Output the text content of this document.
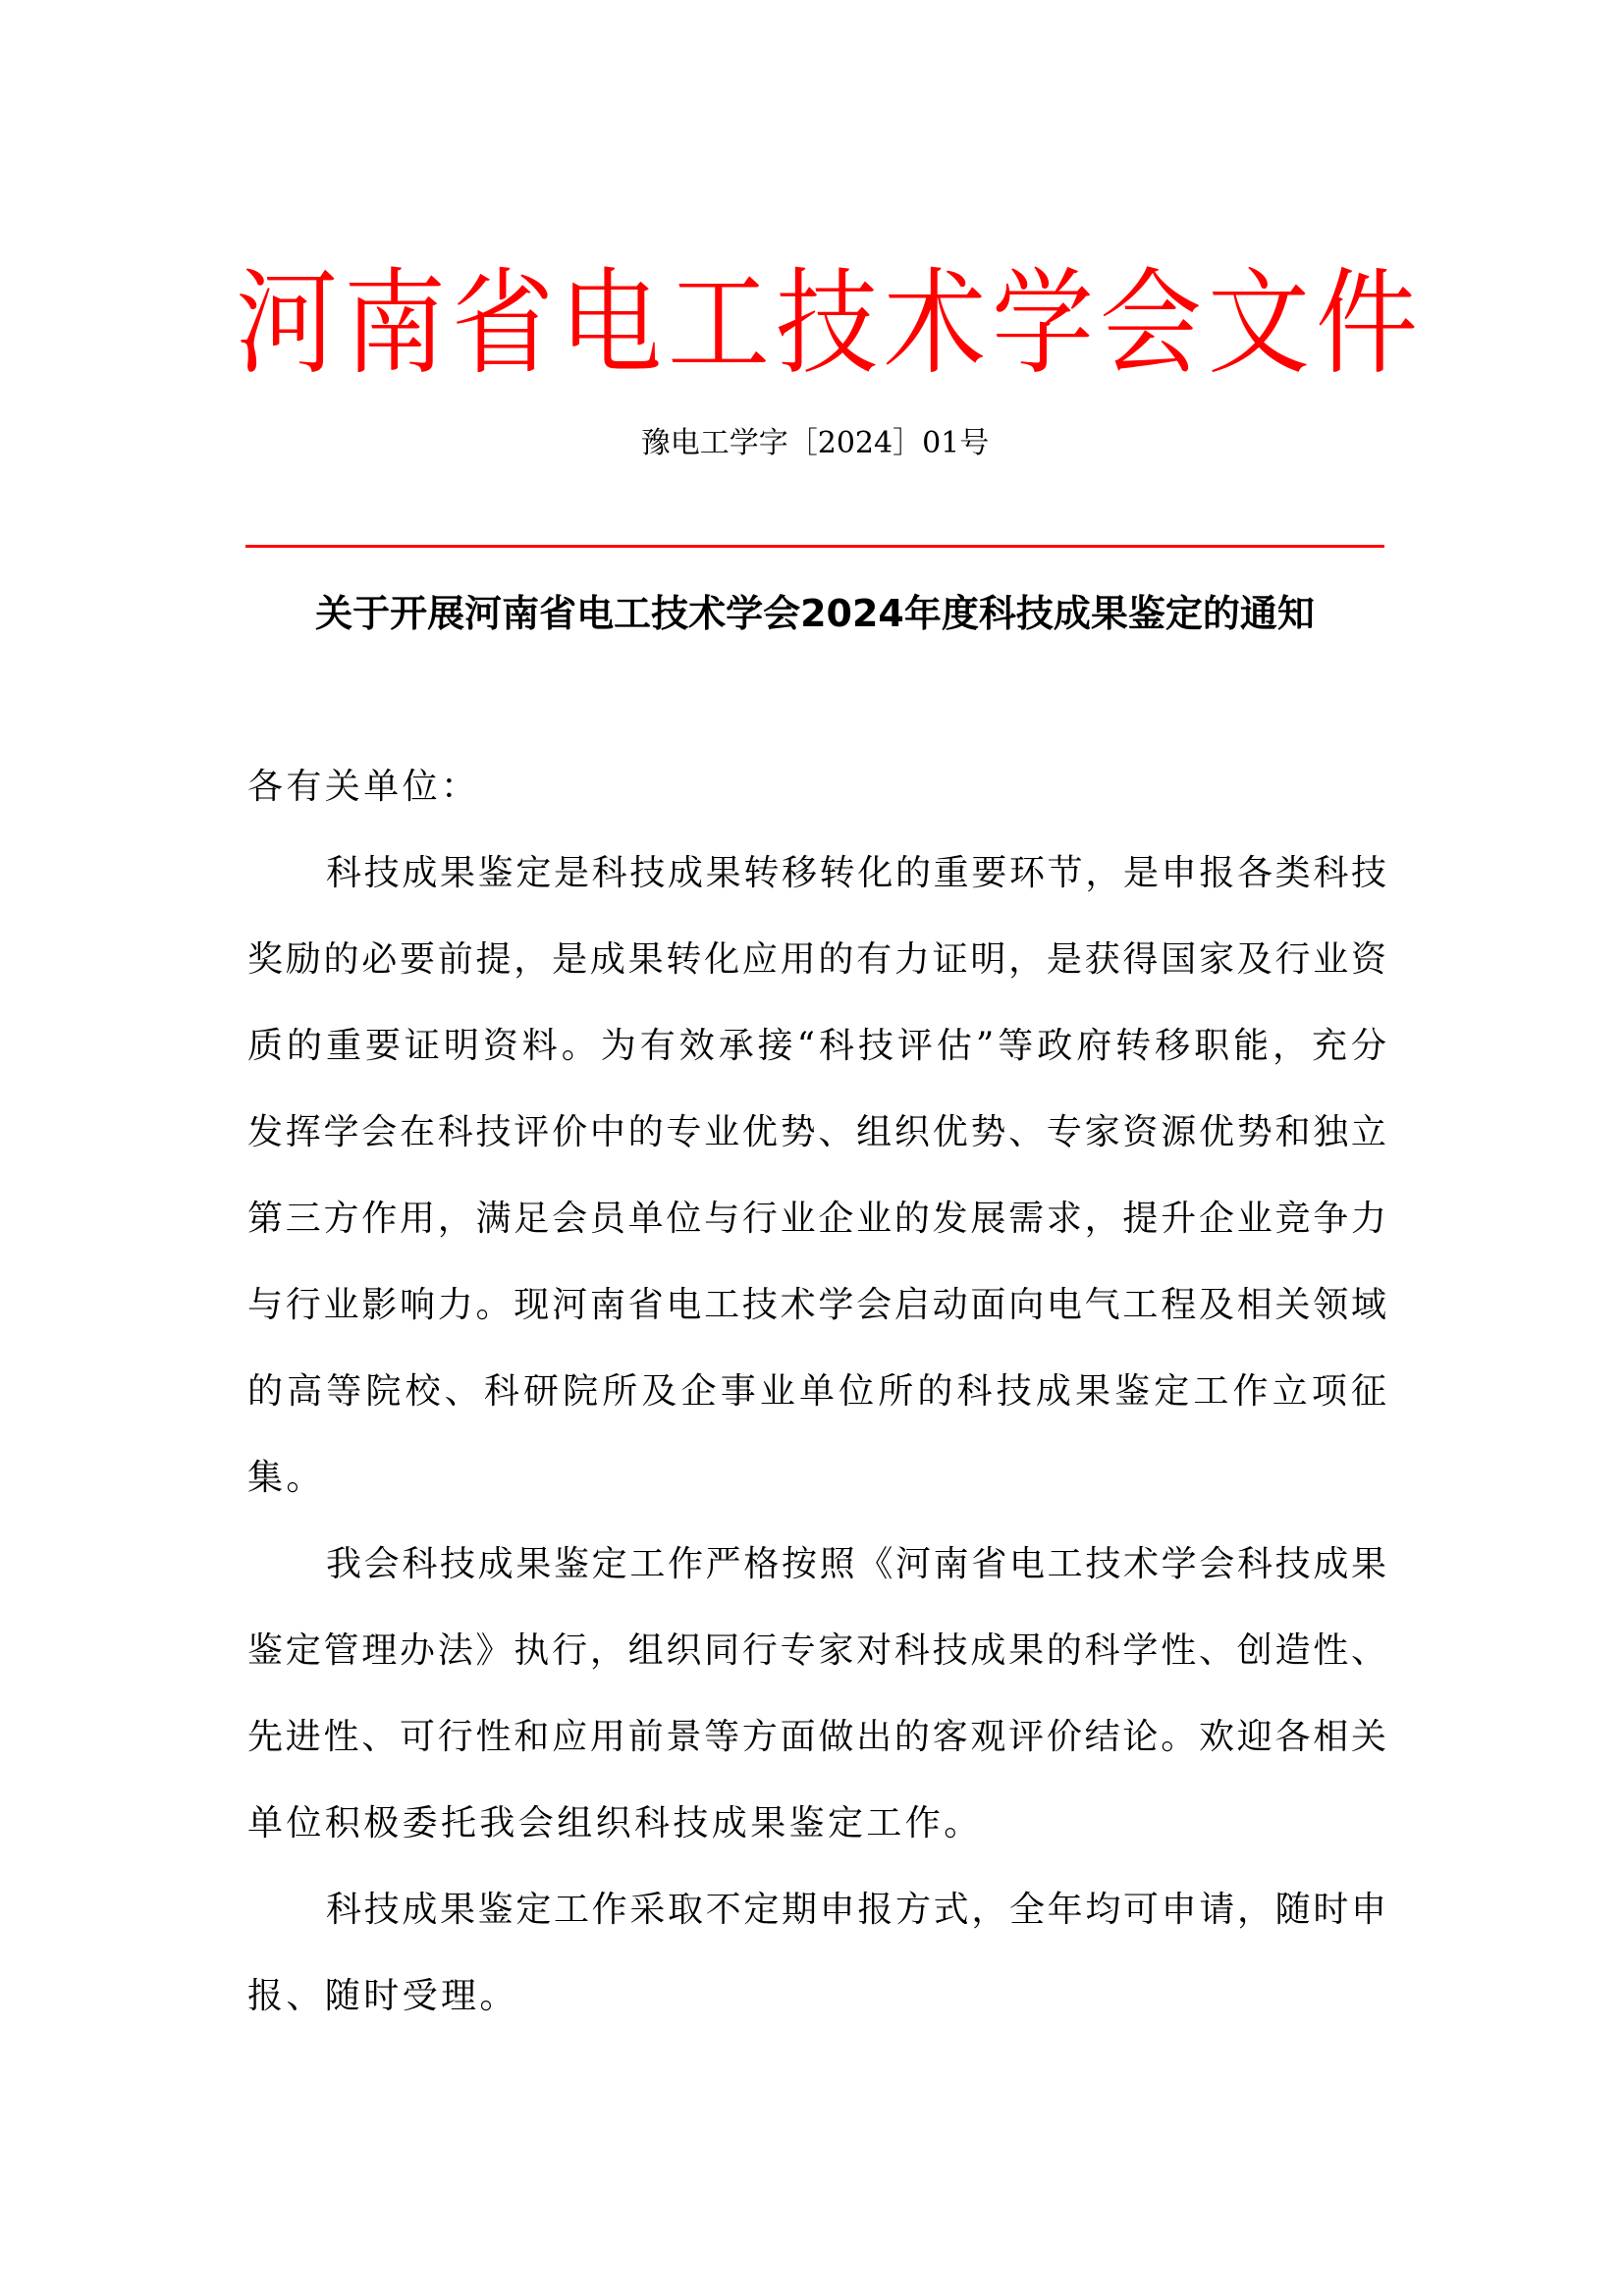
河南省电工技术学会文件
豫电工学字［2024］01号
关于开展河南省电工技术学会2024年度科技成果鉴定的通知
各有关单位：
科技成果鉴定是科技成果转移转化的重要环节，是申报各类科技
奖励的必要前提，是成果转化应用的有力证明，是获得国家及行业资
质的重要证明资料。为有效承接“科技评估”等政府转移职能，充分
发挥学会在科技评价中的专业优势、组织优势、专家资源优势和独立
第三方作用，满足会员单位与行业企业的发展需求，提升企业竞争力
与行业影响力。现河南省电工技术学会启动面向电气工程及相关领域
的高等院校、科研院所及企事业单位所的科技成果鉴定工作立项征
集。
我会科技成果鉴定工作严格按照《河南省电工技术学会科技成果
鉴定管理办法》执行，组织同行专家对科技成果的科学性、创造性、
先进性、可行性和应用前景等方面做出的客观评价结论。欢迎各相关
单位积极委托我会组织科技成果鉴定工作。
科技成果鉴定工作采取不定期申报方式，全年均可申请，随时申
报、随时受理。
